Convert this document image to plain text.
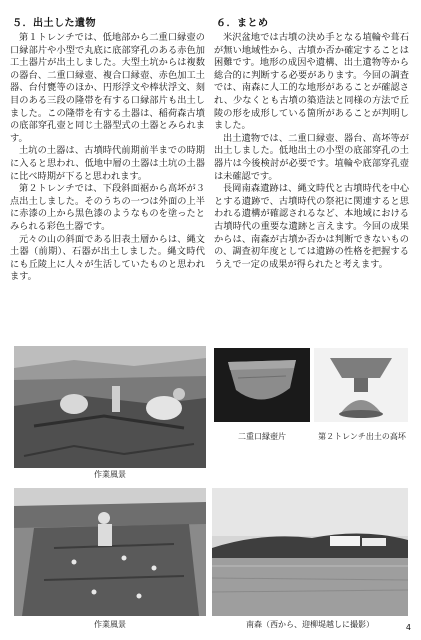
５．出土した遺物

第１トレンチでは、低地部から二重口縁壺の口縁部片や小型で丸底に底部穿孔のある赤色加工土器片が出土しました。大型土坑からは複数の器台、二重口縁壺、複合口縁壺、赤色加工土器、台付甕等のほか、円形浮文や棒状浮文、刻目のある三段の隆帯を有する口縁部片も出土しました。この隆帯を有する土器は、稲荷森古墳の底部穿孔壺と同じ土器型式の土器とみられます。

土坑の土器は、古墳時代前期前半までの時期に入ると思われ、低地中層の土器は土坑の土器に比べ時期が下ると思われます。

第２トレンチでは、下段斜面裾から高坏が３点出土しました。そのうちの一つは外面の上半に赤漆の上から黒色漆のようなものを塗ったとみられる彩色土器です。

元々の山の斜面である旧表土層からは、縄文土器（前期）、石器が出土しました。縄文時代にも丘陵上に人々が生活していたものと思われます。

６．まとめ

米沢盆地では古墳の決め手となる埴輪や葺石が無い地域性から、古墳か否か確定することは困難です。地形の成因や遺構、出土遺物等から総合的に判断する必要があります。今回の調査では、南森に人工的な地形があることが確認され、少なくとも古墳の築造法と同様の方法で丘陵の形を成形している箇所があることが判明しました。

出土遺物では、二重口縁壺、器台、高坏等が出土しました。低地出土の小型の底部穿孔の土器片は今後検討が必要です。埴輪や底部穿孔壺は未確認です。

長岡南森遺跡は、縄文時代と古墳時代を中心とする遺跡で、古墳時代の祭祀に関連すると思われる遺構が確認されるなど、本地域における古墳時代の重要な遺跡と言えます。今回の成果からは、南森が古墳か否かは判断できないものの、調査初年度としては遺跡の性格を把握するうえで一定の成果が得られたと考えます。

作業風景
作業風景
二重口縁壺片	第２トレンチ出土の高坏
南森（西から、迎柳堤越しに撮影）	4
